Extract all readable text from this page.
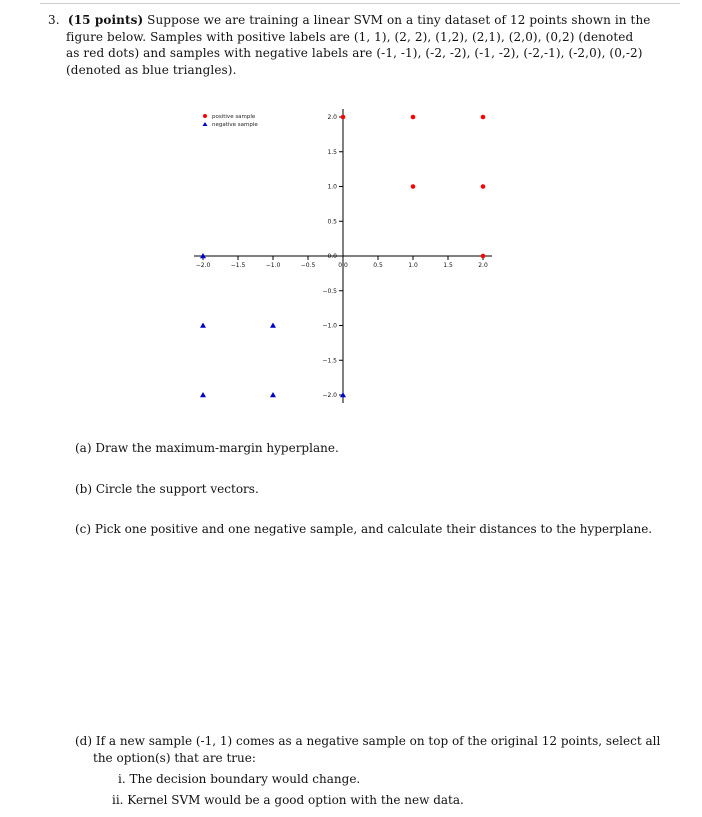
3. (15 points) Suppose we are training a linear SVM on a tiny dataset of 12 points shown in the
figure below. Samples with positive labels are (1, 1), (2, 2), (1,2), (2,1), (2,0), (0,2) (denoted
as red dots) and samples with negative labels are (-1, -1), (-2, -2), (-1, -2), (-2,-1), (-2,0), (0,-2)
(denoted as blue triangles).
−2.0	−1.5	−1.0	−0.5	0.0	0.5	1.0	1.5	2.0
2.0
1.5
1.0
0.5
0.0
−0.5
−1.0
−1.5
−2.0
positive sample
negative sample
(a) Draw the maximum-margin hyperplane.
(b) Circle the support vectors.
(c) Pick one positive and one negative sample, and calculate their distances to the hyperplane.
(d) If a new sample (-1, 1) comes as a negative sample on top of the original 12 points, select all
the option(s) that are true:
i. The decision boundary would change.
ii. Kernel SVM would be a good option with the new data.
